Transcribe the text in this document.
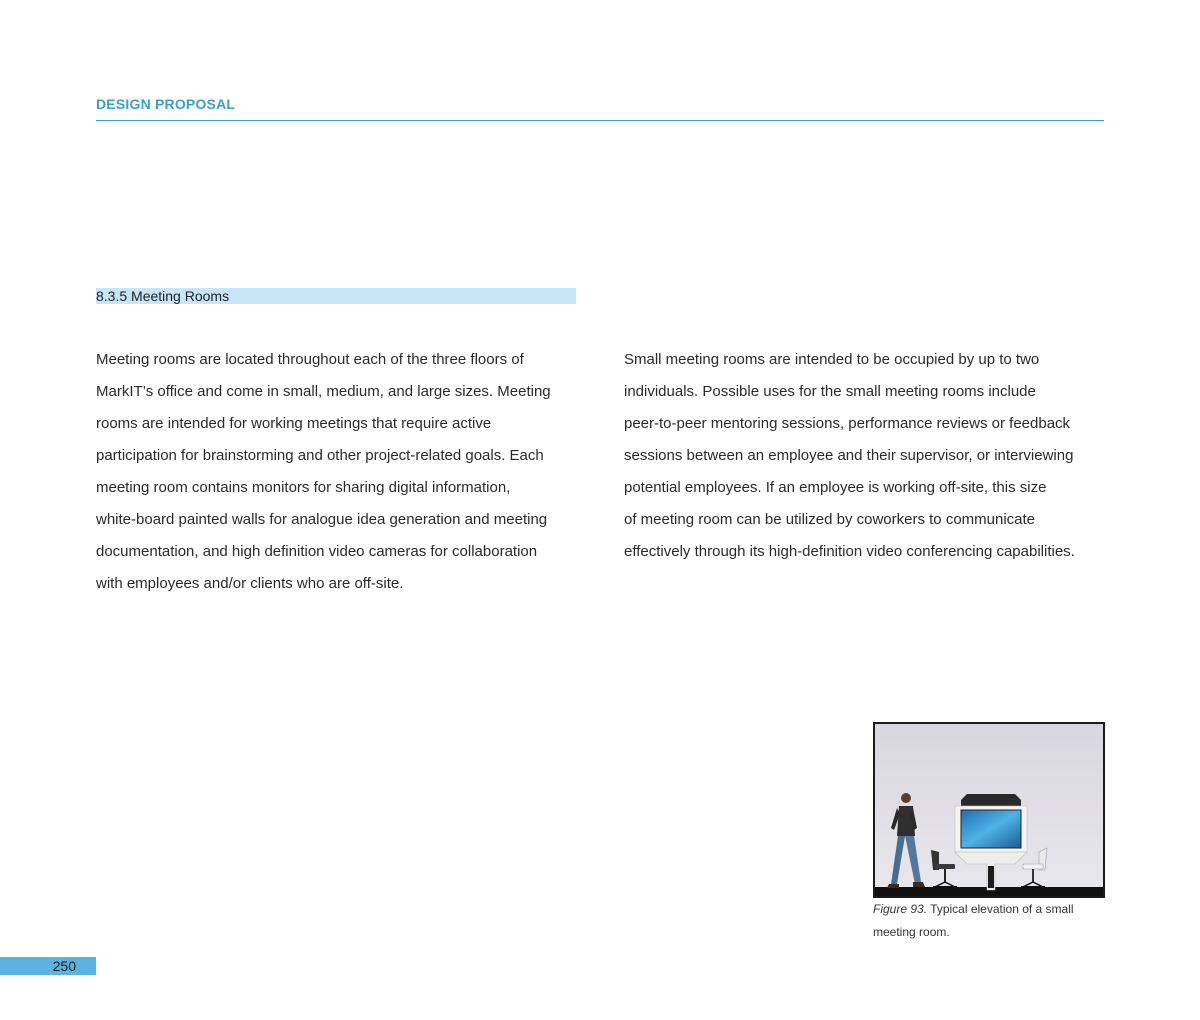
DESIGN PROPOSAL
8.3.5 Meeting Rooms
Meeting rooms are located throughout each of the three floors of
MarkIT’s office and come in small, medium, and large sizes. Meeting
rooms are intended for working meetings that require active
participation for brainstorming and other project-related goals. Each
meeting room contains monitors for sharing digital information,
white-board painted walls for analogue idea generation and meeting
documentation, and high definition video cameras for collaboration
with employees and/or clients who are off-site.
Small meeting rooms are intended to be occupied by up to two
individuals. Possible uses for the small meeting rooms include
peer-to-peer mentoring sessions, performance reviews or feedback
sessions between an employee and their supervisor, or interviewing
potential employees. If an employee is working off-site, this size
of meeting room can be utilized by coworkers to communicate
effectively through its high-definition video conferencing capabilities.
Figure 93. Typical elevation of a small
meeting room.
250
